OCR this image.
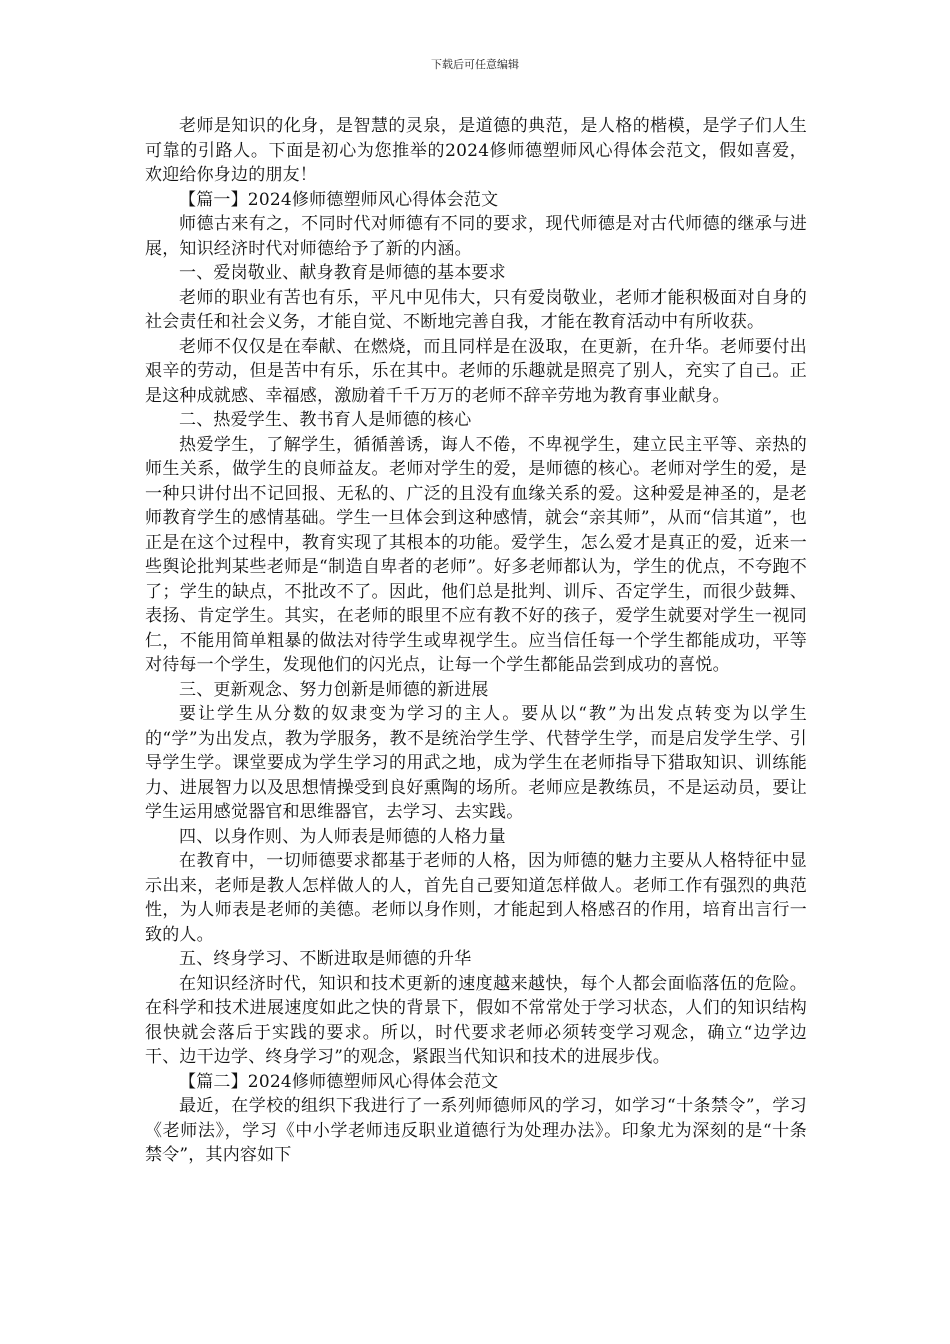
下载后可任意编辑

老师是知识的化身，是智慧的灵泉，是道德的典范，是人格的楷模，是学子们人生可靠的引路人。下面是初心为您推举的2024修师德塑师风心得体会范文，假如喜爱，欢迎给你身边的朋友！

【篇一】2024修师德塑师风心得体会范文

师德古来有之，不同时代对师德有不同的要求，现代师德是对古代师德的继承与进展，知识经济时代对师德给予了新的内涵。

一、爱岗敬业、献身教育是师德的基本要求

老师的职业有苦也有乐，平凡中见伟大，只有爱岗敬业，老师才能积极面对自身的社会责任和社会义务，才能自觉、不断地完善自我，才能在教育活动中有所收获。

老师不仅仅是在奉献、在燃烧，而且同样是在汲取，在更新，在升华。老师要付出艰辛的劳动，但是苦中有乐，乐在其中。老师的乐趣就是照亮了别人，充实了自己。正是这种成就感、幸福感，激励着千千万万的老师不辞辛劳地为教育事业献身。

二、热爱学生、教书育人是师德的核心

热爱学生，了解学生，循循善诱，诲人不倦，不卑视学生，建立民主平等、亲热的师生关系，做学生的良师益友。老师对学生的爱，是师德的核心。老师对学生的爱，是一种只讲付出不记回报、无私的、广泛的且没有血缘关系的爱。这种爱是神圣的，是老师教育学生的感情基础。学生一旦体会到这种感情，就会“亲其师”，从而“信其道”，也正是在这个过程中，教育实现了其根本的功能。爱学生，怎么爱才是真正的爱，近来一些舆论批判某些老师是“制造自卑者的老师”。好多老师都认为，学生的优点，不夸跑不了；学生的缺点，不批改不了。因此，他们总是批判、训斥、否定学生，而很少鼓舞、表扬、肯定学生。其实，在老师的眼里不应有教不好的孩子，爱学生就要对学生一视同仁，不能用简单粗暴的做法对待学生或卑视学生。应当信任每一个学生都能成功，平等对待每一个学生，发现他们的闪光点，让每一个学生都能品尝到成功的喜悦。

三、更新观念、努力创新是师德的新进展

要让学生从分数的奴隶变为学习的主人。要从以“教”为出发点转变为以学生的“学”为出发点，教为学服务，教不是统治学生学、代替学生学，而是启发学生学、引导学生学。课堂要成为学生学习的用武之地，成为学生在老师指导下猎取知识、训练能力、进展智力以及思想情操受到良好熏陶的场所。老师应是教练员，不是运动员，要让学生运用感觉器官和思维器官，去学习、去实践。

四、以身作则、为人师表是师德的人格力量

在教育中，一切师德要求都基于老师的人格，因为师德的魅力主要从人格特征中显示出来，老师是教人怎样做人的人，首先自己要知道怎样做人。老师工作有强烈的典范性，为人师表是老师的美德。老师以身作则，才能起到人格感召的作用，培育出言行一致的人。

五、终身学习、不断进取是师德的升华

在知识经济时代，知识和技术更新的速度越来越快，每个人都会面临落伍的危险。在科学和技术进展速度如此之快的背景下，假如不常常处于学习状态，人们的知识结构很快就会落后于实践的要求。所以，时代要求老师必须转变学习观念，确立“边学边干、边干边学、终身学习”的观念，紧跟当代知识和技术的进展步伐。

【篇二】2024修师德塑师风心得体会范文

最近，在学校的组织下我进行了一系列师德师风的学习，如学习“十条禁令”，学习《老师法》，学习《中小学老师违反职业道德行为处理办法》。印象尤为深刻的是“十条禁令”，其内容如下
